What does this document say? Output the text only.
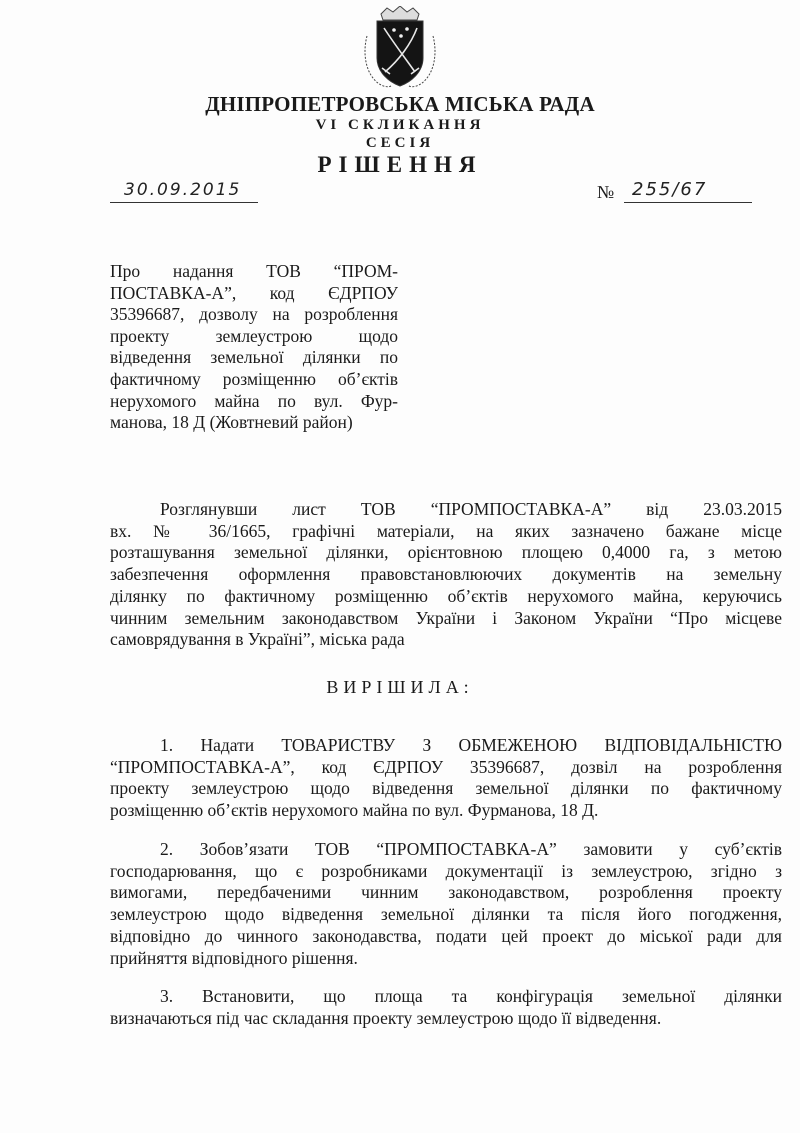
ДНІПРОПЕТРОВСЬКА МІСЬКА РАДА
VI СКЛИКАННЯ
СЕСІЯ
РІШЕННЯ
30.09.2015	№ 255/67
Про надання ТОВ “ПРОМ-
ПОСТАВКА-А”, код ЄДРПОУ
35396687, дозволу на розроблення
проекту землеустрою щодо
відведення земельної ділянки по
фактичному розміщенню об’єктів
нерухомого майна по вул. Фур-
манова, 18 Д (Жовтневий район)
Розглянувши лист ТОВ “ПРОМПОСТАВКА-А” від 23.03.2015
вх. № 36/1665, графічні матеріали, на яких зазначено бажане місце
розташування земельної ділянки, орієнтовною площею 0,4000 га, з метою
забезпечення оформлення правовстановлюючих документів на земельну
ділянку по фактичному розміщенню об’єктів нерухомого майна, керуючись
чинним земельним законодавством України і Законом України “Про місцеве
самоврядування в Україні”, міська рада
ВИРІШИЛА:
1. Надати ТОВАРИСТВУ З ОБМЕЖЕНОЮ ВІДПОВІДАЛЬНІСТЮ
“ПРОМПОСТАВКА-А”, код ЄДРПОУ 35396687, дозвіл на розроблення
проекту землеустрою щодо відведення земельної ділянки по фактичному
розміщенню об’єктів нерухомого майна по вул. Фурманова, 18 Д.
2. Зобов’язати ТОВ “ПРОМПОСТАВКА-А” замовити у суб’єктів
господарювання, що є розробниками документації із землеустрою, згідно з
вимогами, передбаченими чинним законодавством, розроблення проекту
землеустрою щодо відведення земельної ділянки та після його погодження,
відповідно до чинного законодавства, подати цей проект до міської ради для
прийняття відповідного рішення.
3. Встановити, що площа та конфігурація земельної ділянки
визначаються під час складання проекту землеустрою щодо її відведення.
